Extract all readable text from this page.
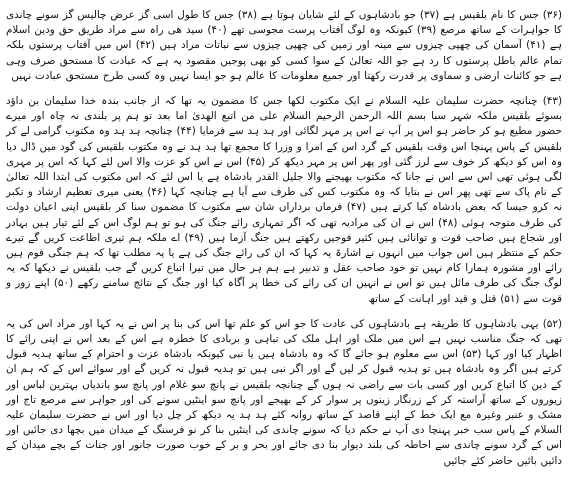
(۳۶) جس کا نام بلقیس ہے (۳۷) جو بادشاہوں کے لئے شایان ہوتا ہے (۳۸) جس کا طول اسی گز عرض چالیس گز سونے چاندی کا جواہرات کے ساتھ مرصع (۳۹) کیونکہ وہ لوگ آفتاب پرست مجوسی تھے (۴۰) سید ھی راہ سے مراد طریق حق ودین اسلام ہے (۴۱) آسمان کی چھپی چیزوں سے مینہ اور زمین کی چھپی چیزوں سے نباتات مراد ہیں (۴۲) اس میں آفتاب پرستوں بلکہ تمام عالم باطل پرستوں کا رد ہے جو اللہ تعالیٰ کے سوا کسی کو بھی پوجیں مقصود یہ ہے کہ عبادت کا مستحق صرف وہی ہے جو کائنات ارضی و سماوی پر قدرت رکھتا اور جمیع معلومات کا عالم ہو جو ایسا نہیں وہ کسی طرح مستحق عبادت نہیں

(۴۳) چنانچہ حضرت سلیمان علیہ السلام نے ایک مکتوب لکھا جس کا مضمون یہ تھا کہ از جانب بندہ خدا سلیمان بن داؤد بسوئے بلقیس ملکہ شہر سبا بسم اللہ الرحمن الرحیم السلام علی من اتبع الھدیٰ اما بعد تو ہم پر بلندی نہ چاہ اور میرے حضور مطیع ہو کر حاضر ہو اس پر آپ نے اس پر مہر لگائی اور ہد ہد سے فرمایا (۴۴) چنانچہ ہد ہد وہ مکتوب گرامی لے کر بلقیس کے پاس پہنچا اس وقت بلقیس کے گرد اس کے امرا و وزرا کا مجمع تھا ہد ہد نے وہ مکتوب بلقیس کی گود میں ڈال دیا وہ اس کو دیکھ کر خوف سے لرز گئی اور پھر اس پر مہر دیکھ کر (۴۵) اس نے اس کو عزت والا اس لئے کہا کہ اس پر مہری لگی ہوئی تھی اس سے اس نے جانا کہ مکتوب بھیجنے والا جلیل القدر بادشاہ ہے یا اس لئے کہ اس مکتوب کی ابتدا اللہ تعالیٰ کے نام پاک سے تھی پھر اس نے بتایا کہ وہ مکتوب کس کی طرف سے آیا ہے چنانچہ کہا (۴۶) یعنی میری تعظیم ارشاد و تکبر نہ کرو جیسا کہ بعض بادشاہ کیا کرتے ہیں (۴۷) فرماں برداراں شان سے مکتوب کا مضمون سنا کر بلقیس اپنی اعیان دولت کی طرف متوجہ ہوئی (۴۸) اس نے ان کی مرادیہ تھی کہ اگر تمہاری رائے جنگ کی ہو تو ہم لوگ اس کے لئے تیار ہیں بہادر اور شجاع ہیں صاحب قوت و توانائی ہیں کثیر فوجیں رکھتے ہیں جنگ آزما ہیں (۴۹) اے ملکہ ہم تیری اطاعت کریں گے تیرے حکم کے منتظر ہیں اس جواب میں انہوں نے اشارۃ یہ کہا کہ ان کی رائے جنگ کی ہے یا یہ مطلب تھا کہ ہم جنگی قوم ہیں رائے اور مشورہ ہمارا کام نہیں تو خود صاحب عقل و تدبیر ہے ہم ہر حال میں تیرا اتباع کریں گے جب بلقیس نے دیکھا کہ یہ لوگ جنگ کی طرف مائل ہیں تو اس نے انہیں ان کی رائے کی خطا پر آگاہ کیا اور جنگ کے نتائج سامنے رکھے (۵۰) اپنے زور و قوت سے (۵۱) قتل و قید اور اہانت کے ساتھ

(۵۲) یہی بادشاہوں کا طریقہ ہے بادشاہوں کی عادت کا جو اس کو علم تھا اس کی بنا پر اس نے یہ کہا اور مراد اس کی یہ تھی کہ جنگ مناسب نہیں ہے اس میں ملک اور اہل ملک کی تباہی و بربادی کا خطرہ ہے اس کے بعد اس نے اپنی رائے کا اظہار کیا اور کہا (۵۳) اس سے معلوم ہو جائے گا کہ وہ بادشاہ ہیں یا نبی کیونکہ بادشاہ عزت و احترام کے ساتھ ہدیہ قبول کرتے ہیں اگر وہ بادشاہ ہیں تو ہدیہ قبول کر لیں گے اور اگر نبی ہیں تو ہدیہ قبول نہ کریں گے اور سوائے اس کے کہ ہم ان کے دین کا اتباع کریں اور کسی بات سے راضی نہ ہوں گے چنانچہ بلقیس نے پانچ سو غلام اور پانچ سو باندیاں بہترین لباس اور زیوروں کے ساتھ آراستہ کر کے زرنگار زینوں پر سوار کر کے بھیجے اور پانچ سو اینٹیں سونے کی اور جواہر سے مرصع تاج اور مشک و عنبر وغیرہ مع ایک خط کے اپنے قاصد کے ساتھ روانہ کئے ہد ہد یہ دیکھ کر چل دیا اور اس نے حضرت سلیمان علیہ السلام کے پاس سب خبر پہنچا دی آپ نے حکم دیا کہ سونے چاندی کی اینٹیں بنا کر نو فرسنگ کے میدان میں بچھا دی جائیں اور اس کے گرد سونے چاندی سے احاطہ کی بلند دیوار بنا دی جائے اور بحر و بر کے خوب صورت جانور اور جنات کے بچے میدان کے دائیں بائیں حاضر کئے جائیں
